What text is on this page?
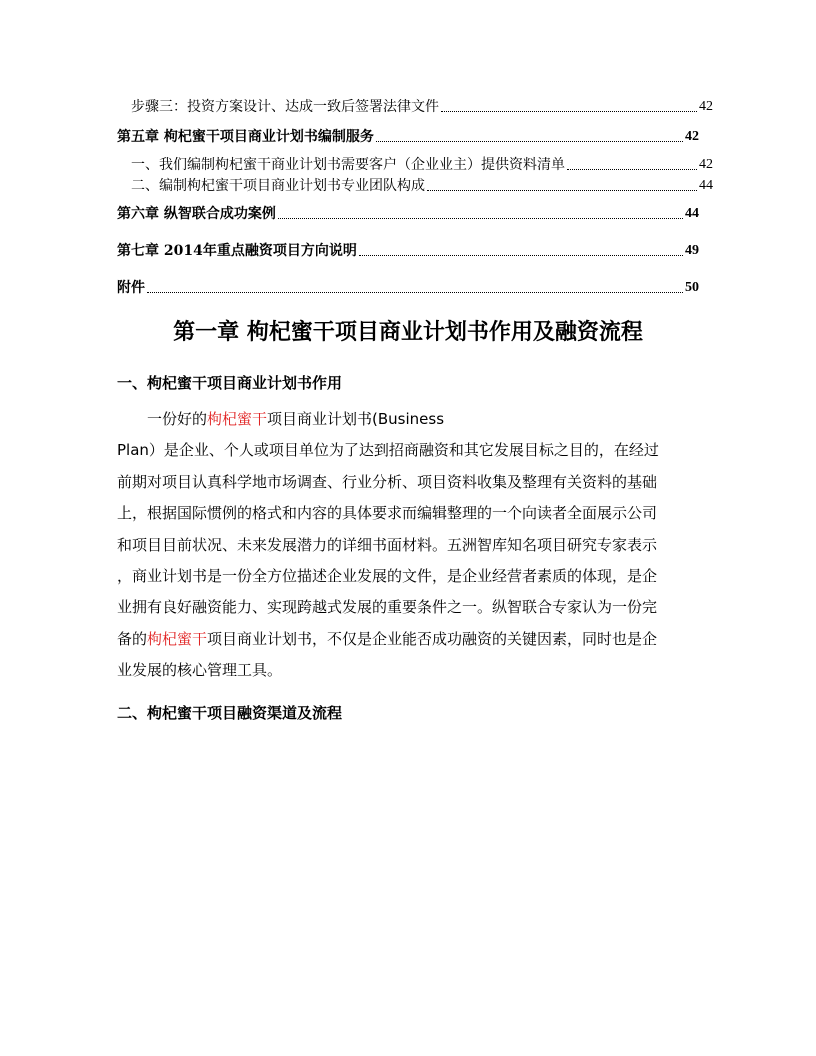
步骤三：投资方案设计、达成一致后签署法律文件	42
第五章 枸杞蜜干项目商业计划书编制服务	42
一、我们编制枸杞蜜干商业计划书需要客户（企业业主）提供资料清单	42
二、编制枸杞蜜干项目商业计划书专业团队构成	44
第六章 纵智联合成功案例	44
第七章 2014年重点融资项目方向说明	49
附件	50
第一章 枸杞蜜干项目商业计划书作用及融资流程
一、枸杞蜜干项目商业计划书作用
一份好的枸杞蜜干项目商业计划书(Business
Plan）是企业、个人或项目单位为了达到招商融资和其它发展目标之目的，在经过
前期对项目认真科学地市场调查、行业分析、项目资料收集及整理有关资料的基础
上，根据国际惯例的格式和内容的具体要求而编辑整理的一个向读者全面展示公司
和项目目前状况、未来发展潜力的详细书面材料。五洲智库知名项目研究专家表示
，商业计划书是一份全方位描述企业发展的文件，是企业经营者素质的体现，是企
业拥有良好融资能力、实现跨越式发展的重要条件之一。纵智联合专家认为一份完
备的枸杞蜜干项目商业计划书，不仅是企业能否成功融资的关键因素，同时也是企
业发展的核心管理工具。
二、枸杞蜜干项目融资渠道及流程
